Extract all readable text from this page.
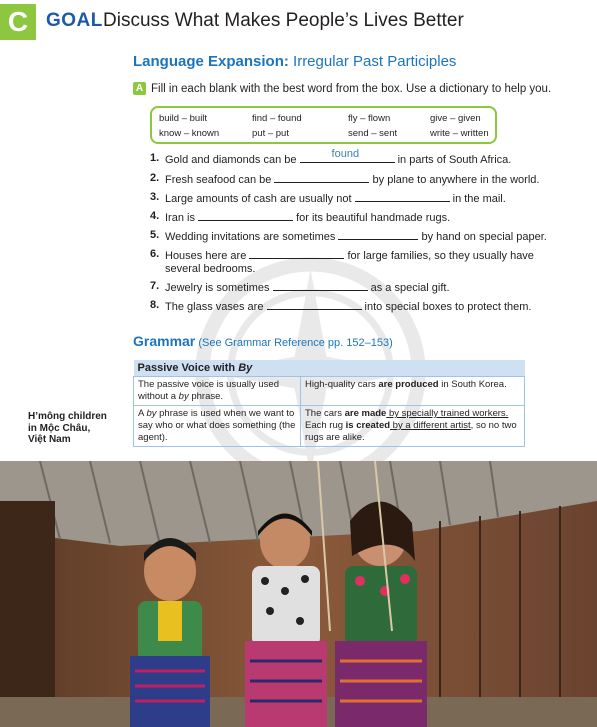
C GOAL Discuss What Makes People’s Lives Better
Language Expansion: Irregular Past Participles
A Fill in each blank with the best word from the box. Use a dictionary to help you.
build – built	find – found	fly – flown	give – given
know – known	put – put	send – sent	write – written
1. Gold and diamonds can be	found	in parts of South Africa.
2. Fresh seafood can be	by plane to anywhere in the world.
3. Large amounts of cash are usually not	in the mail.
4. Iran is	for its beautiful handmade rugs.
5. Wedding invitations are sometimes	by hand on special paper.
6. Houses here are	for large families, so they usually have several bedrooms.
7. Jewelry is sometimes	as a special gift.
8. The glass vases are	into special boxes to protect them.
Grammar (See Grammar Reference pp. 152–153)
Passive Voice with By	
The passive voice is usually used without a by phrase.	High-quality cars are produced in South Korea.
A by phrase is used when we want to say who or what does something (the agent).	The cars are made by specially trained workers.
Each rug is created by a different artist, so no two rugs are alike.
H’mông children
in Mộc Châu,
Việt Nam
